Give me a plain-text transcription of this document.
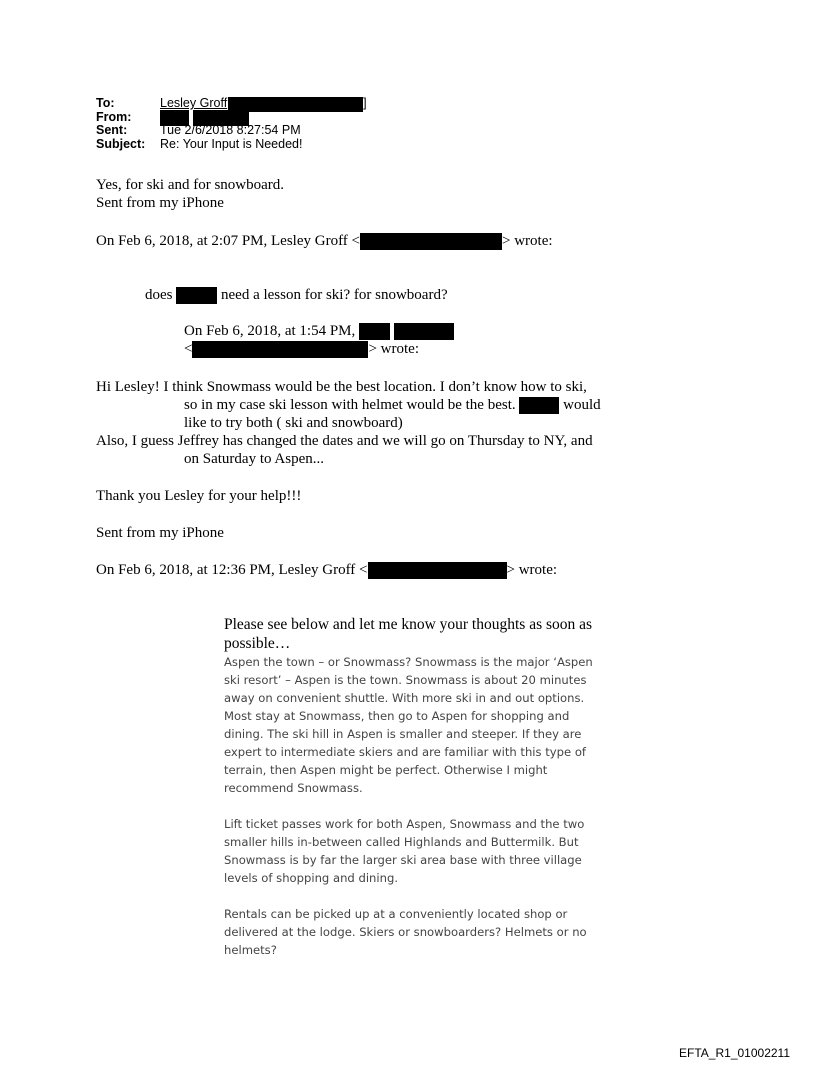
To:	Lesley Groff	]
From:
Sent:	Tue 2/6/2018 8:27:54 PM
Subject:	Re: Your Input is Needed!
Yes, for ski and for snowboard.
Sent from my iPhone
On Feb 6, 2018, at 2:07 PM, Lesley Groff <	> wrote:
does	need a lesson for ski? for snowboard?
On Feb 6, 2018, at 1:54 PM,
<	> wrote:
Hi Lesley! I think Snowmass would be the best location. I don’t know how to ski,
so in my case ski lesson with helmet would be the best.	would
like to try both ( ski and snowboard)
Also, I guess Jeffrey has changed the dates and we will go on Thursday to NY, and
on Saturday to Aspen...
Thank you Lesley for your help!!!
Sent from my iPhone
On Feb 6, 2018, at 12:36 PM, Lesley Groff <	> wrote:
Please see below and let me know your thoughts as soon as possible…

Aspen the town – or Snowmass? Snowmass is the major ‘Aspen ski resort’ – Aspen is the town. Snowmass is about 20 minutes away on convenient shuttle. With more ski in and out options. Most stay at Snowmass, then go to Aspen for shopping and dining. The ski hill in Aspen is smaller and steeper. If they are expert to intermediate skiers and are familiar with this type of terrain, then Aspen might be perfect. Otherwise I might recommend Snowmass.

Lift ticket passes work for both Aspen, Snowmass and the two smaller hills in-between called Highlands and Buttermilk. But Snowmass is by far the larger ski area base with three village levels of shopping and dining.

Rentals can be picked up at a conveniently located shop or delivered at the lodge. Skiers or snowboarders? Helmets or no helmets?

EFTA_R1_01002211
